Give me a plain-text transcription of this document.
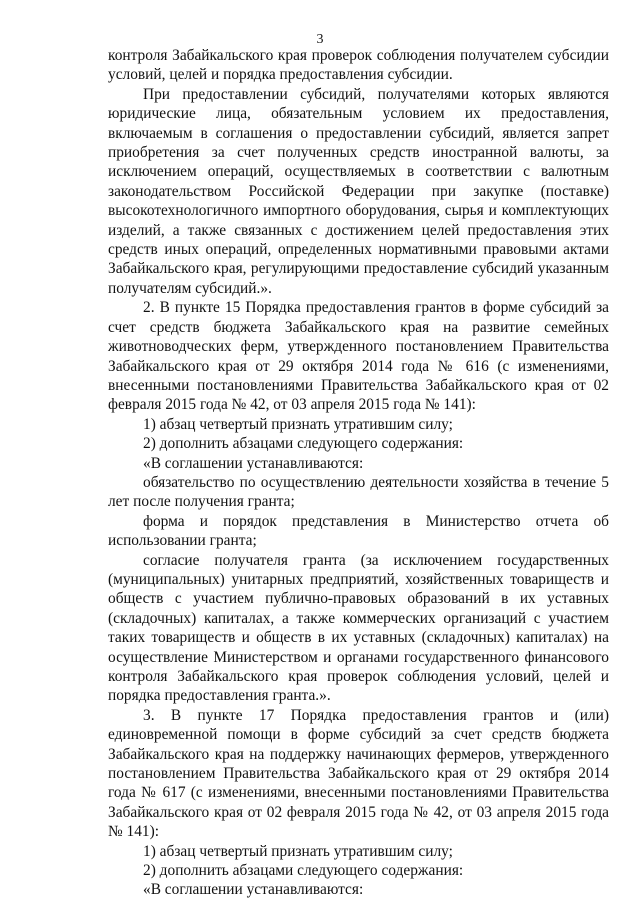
3

контроля Забайкальского края проверок соблюдения получателем субсидии условий, целей и порядка предоставления субсидии.

При предоставлении субсидий, получателями которых являются юридические лица, обязательным условием их предоставления, включаемым в соглашения о предоставлении субсидий, является запрет приобретения за счет полученных средств иностранной валюты, за исключением операций, осуществляемых в соответствии с валютным законодательством Российской Федерации при закупке (поставке) высокотехнологичного импортного оборудования, сырья и комплектующих изделий, а также связанных с достижением целей предоставления этих средств иных операций, определенных нормативными правовыми актами Забайкальского края, регулирующими предоставление субсидий указанным получателям субсидий.».

2. В пункте 15 Порядка предоставления грантов в форме субсидий за счет средств бюджета Забайкальского края на развитие семейных животноводческих ферм, утвержденного постановлением Правительства Забайкальского края от 29 октября 2014 года № 616 (с изменениями, внесенными постановлениями Правительства Забайкальского края от 02 февраля 2015 года № 42, от 03 апреля 2015 года № 141):

1) абзац четвертый признать утратившим силу;

2) дополнить абзацами следующего содержания:

«В соглашении устанавливаются:

обязательство по осуществлению деятельности хозяйства в течение 5 лет после получения гранта;

форма и порядок представления в Министерство отчета об использовании гранта;

согласие получателя гранта (за исключением государственных (муниципальных) унитарных предприятий, хозяйственных товариществ и обществ с участием публично-правовых образований в их уставных (складочных) капиталах, а также коммерческих организаций с участием таких товариществ и обществ в их уставных (складочных) капиталах) на осуществление Министерством и органами государственного финансового контроля Забайкальского края проверок соблюдения условий, целей и порядка предоставления гранта.».

3. В пункте 17 Порядка предоставления грантов и (или) единовременной помощи в форме субсидий за счет средств бюджета Забайкальского края на поддержку начинающих фермеров, утвержденного постановлением Правительства Забайкальского края от 29 октября 2014 года № 617 (с изменениями, внесенными постановлениями Правительства Забайкальского края от 02 февраля 2015 года № 42, от 03 апреля 2015 года № 141):

1) абзац четвертый признать утратившим силу;

2) дополнить абзацами следующего содержания:

«В соглашении устанавливаются:
